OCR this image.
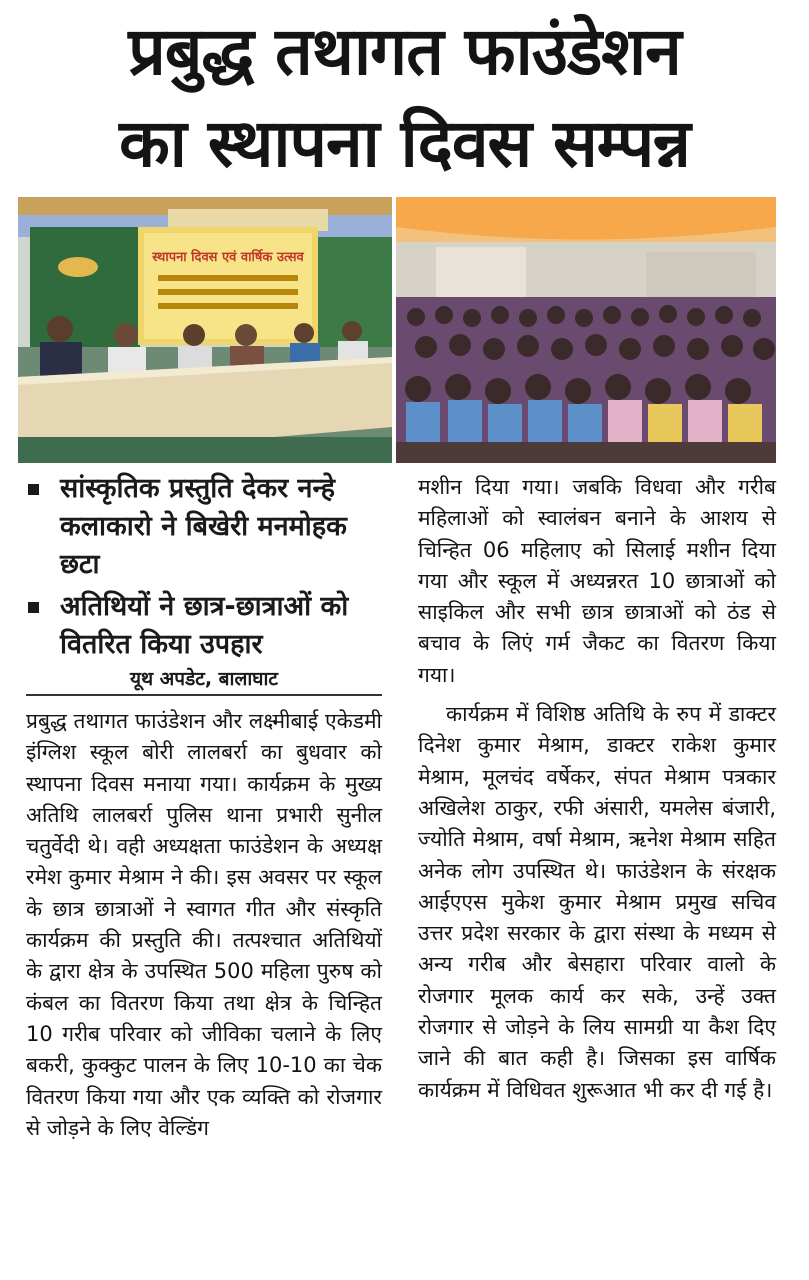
प्रबुद्ध तथागत फाउंडेशन
का स्थापना दिवस सम्पन्न
स्थापना दिवस एवं वार्षिक उत्सव
सांस्कृतिक प्रस्तुति देकर नन्हे कलाकारो ने बिखेरी मनमोहक छटा
अतिथियों ने छात्र-छात्राओं को वितरित किया उपहार
यूथ अपडेट, बालाघाट

प्रबुद्ध तथागत फाउंडेशन और लक्ष्मीबाई एकेडमी इंग्लिश स्कूल बोरी लालबर्रा का बुधवार को स्थापना दिवस मनाया गया। कार्यक्रम के मुख्य अतिथि लालबर्रा पुलिस थाना प्रभारी सुनील चतुर्वेदी थे। वही अध्यक्षता फाउंडेशन के अध्यक्ष रमेश कुमार मेश्राम ने की। इस अवसर पर स्कूल के छात्र छात्राओं ने स्वागत गीत और संस्कृति कार्यक्रम की प्रस्तुति की। तत्पश्चात अतिथियों के द्वारा क्षेत्र के उपस्थित 500 महिला पुरुष को कंबल का वितरण किया तथा क्षेत्र के चिन्हित 10 गरीब परिवार को जीविका चलाने के लिए बकरी, कुक्कुट पालन के लिए 10-10 का चेक वितरण किया गया और एक व्यक्ति को रोजगार से जोड़ने के लिए वेल्डिंग

मशीन दिया गया। जबकि विधवा और गरीब महिलाओं को स्वालंबन बनाने के आशय से चिन्हित 06 महिलाए को सिलाई मशीन दिया गया और स्कूल में अध्यन्नरत 10 छात्राओं को साइकिल और सभी छात्र छात्राओं को ठंड से बचाव के लिएं गर्म जैकट का वितरण किया गया।

कार्यक्रम में विशिष्ठ अतिथि के रुप में डाक्टर दिनेश कुमार मेश्राम, डाक्टर राकेश कुमार मेश्राम, मूलचंद वर्षेकर, संपत मेश्राम पत्रकार अखिलेश ठाकुर, रफी अंसारी, यमलेस बंजारी, ज्योति मेश्राम, वर्षा मेश्राम, ऋनेश मेश्राम सहित अनेक लोग उपस्थित थे। फाउंडेशन के संरक्षक आईएएस मुकेश कुमार मेश्राम प्रमुख सचिव उत्तर प्रदेश सरकार के द्वारा संस्था के मध्यम से अन्य गरीब और बेसहारा परिवार वालो के रोजगार मूलक कार्य कर सके, उन्हें उक्त रोजगार से जोड़ने के लिय सामग्री या कैश दिए जाने की बात कही है। जिसका इस वार्षिक कार्यक्रम में विधिवत शुरूआत भी कर दी गई है।
